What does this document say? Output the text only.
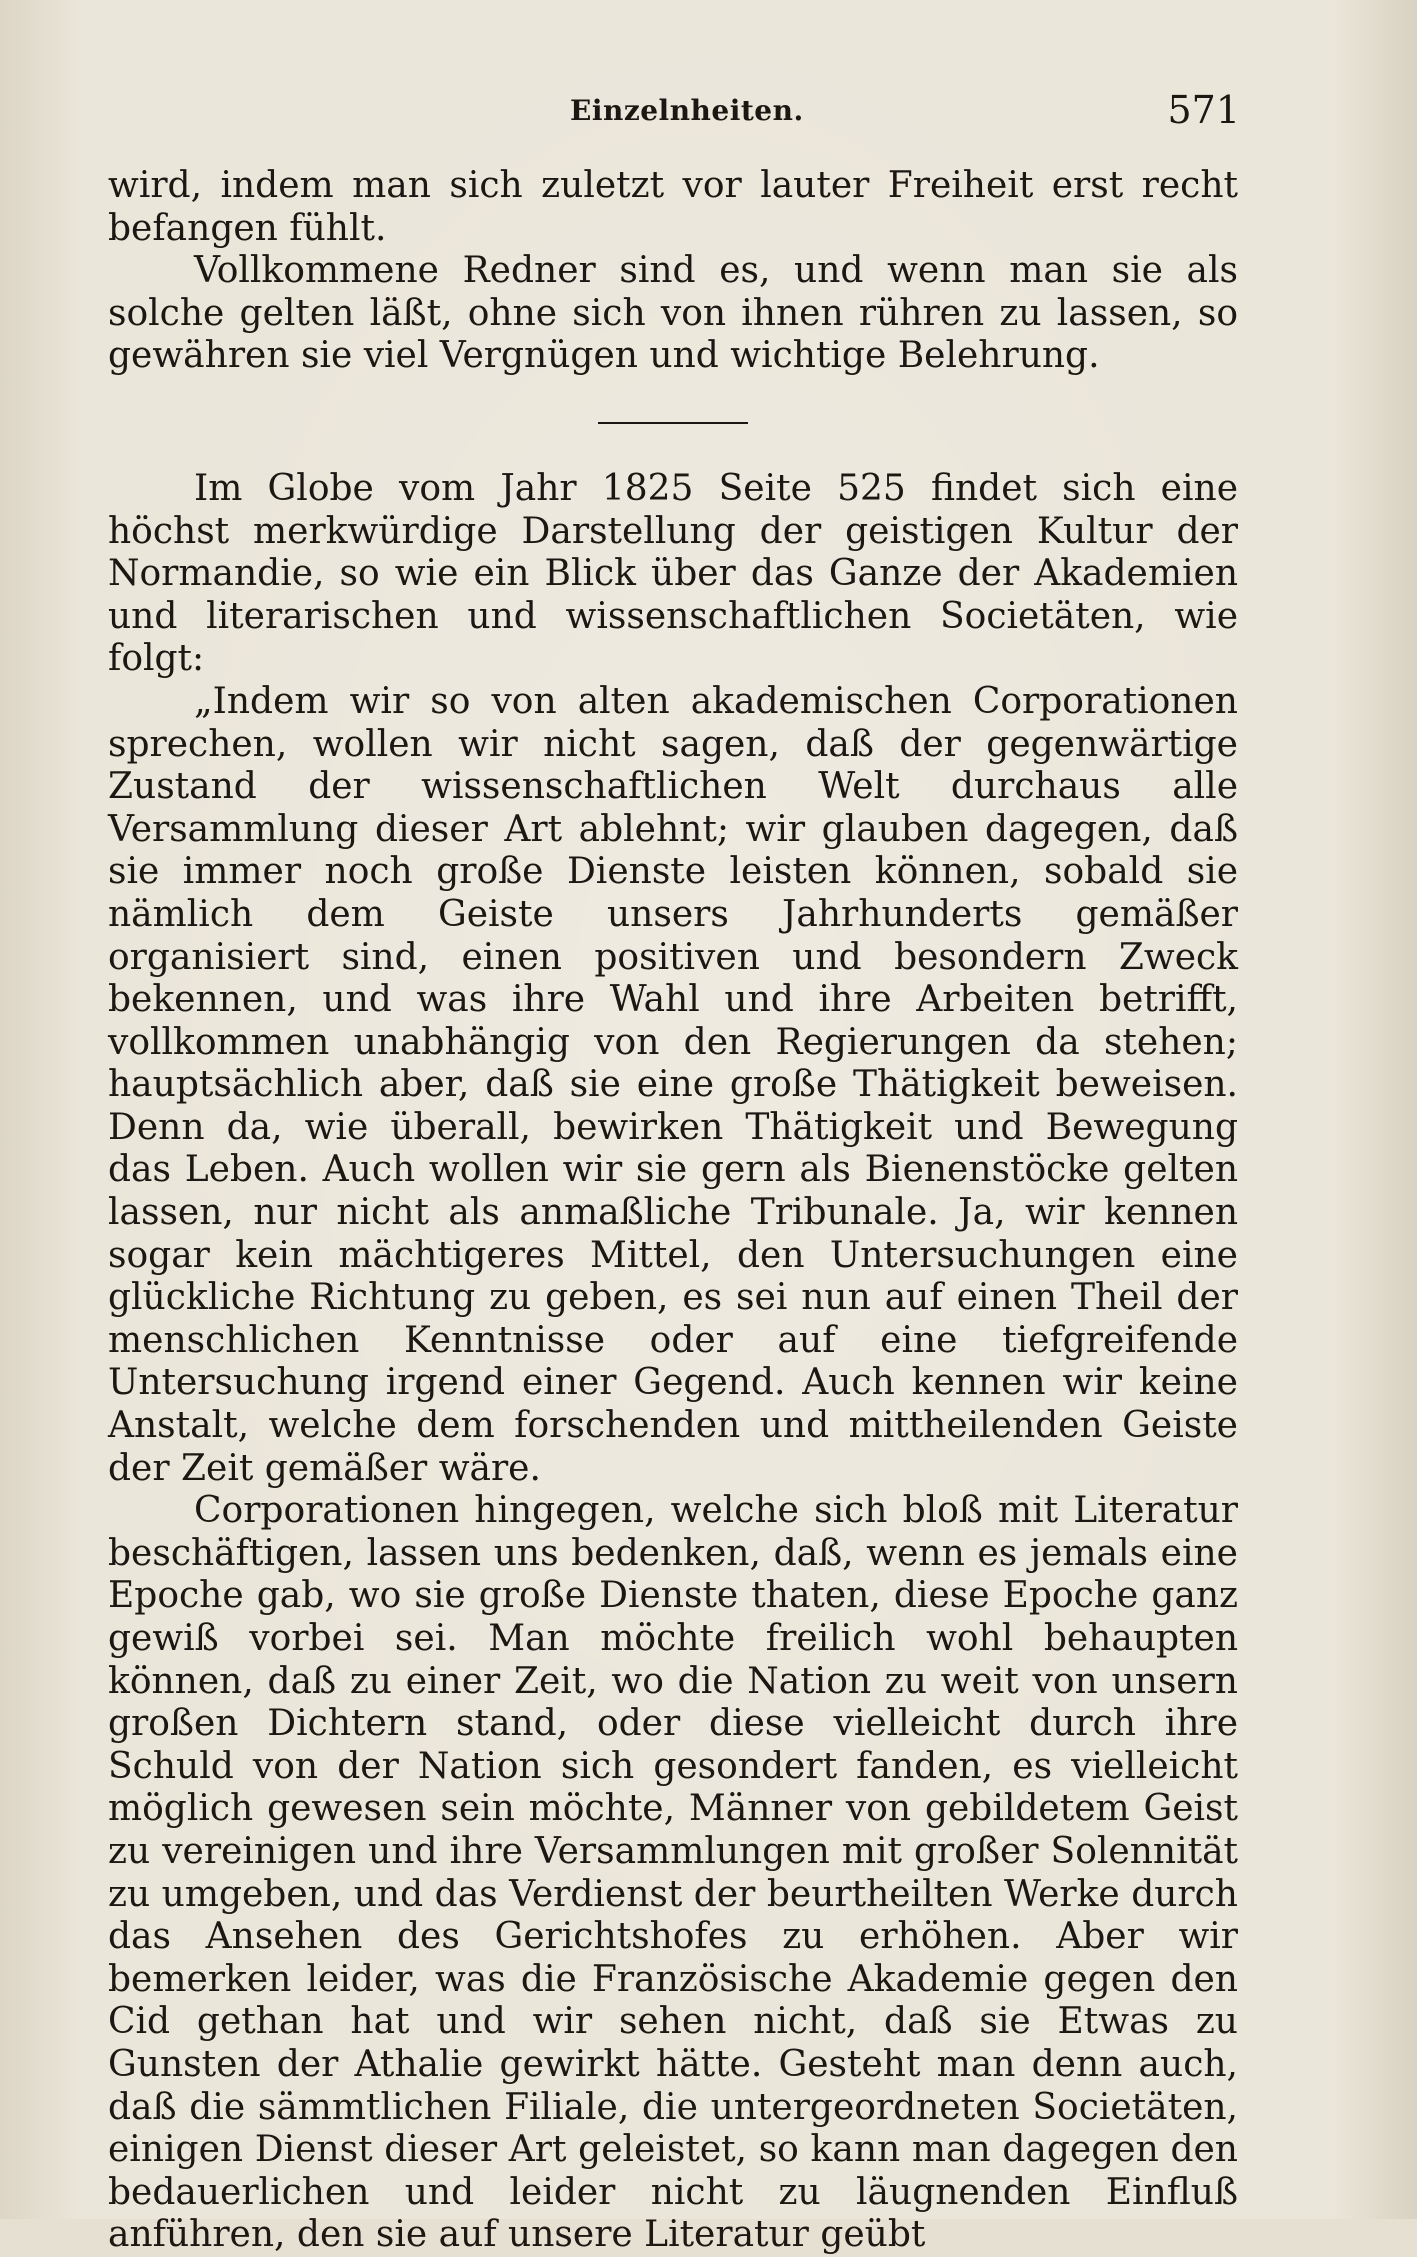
Einzelnheiten.	571

wird, indem man sich zuletzt vor lauter Freiheit erst recht befangen fühlt.

Vollkommene Redner sind es, und wenn man sie als solche gelten läßt, ohne sich von ihnen rühren zu lassen, so gewähren sie viel Vergnügen und wichtige Belehrung.

Im Globe vom Jahr 1825 Seite 525 findet sich eine höchst merkwürdige Darstellung der geistigen Kultur der Normandie, so wie ein Blick über das Ganze der Akademien und literarischen und wissenschaftlichen Societäten, wie folgt:

„Indem wir so von alten akademischen Corporationen sprechen, wollen wir nicht sagen, daß der gegenwärtige Zustand der wissenschaftlichen Welt durchaus alle Versammlung dieser Art ablehnt; wir glauben dagegen, daß sie immer noch große Dienste leisten können, sobald sie nämlich dem Geiste unsers Jahrhunderts gemäßer organisiert sind, einen positiven und besondern Zweck bekennen, und was ihre Wahl und ihre Arbeiten betrifft, vollkommen unabhängig von den Regierungen da stehen; hauptsächlich aber, daß sie eine große Thätigkeit beweisen. Denn da, wie überall, bewirken Thätigkeit und Bewegung das Leben. Auch wollen wir sie gern als Bienenstöcke gelten lassen, nur nicht als anmaßliche Tribunale. Ja, wir kennen sogar kein mächtigeres Mittel, den Untersuchungen eine glückliche Richtung zu geben, es sei nun auf einen Theil der menschlichen Kenntnisse oder auf eine tiefgreifende Untersuchung irgend einer Gegend. Auch kennen wir keine Anstalt, welche dem forschenden und mittheilenden Geiste der Zeit gemäßer wäre.

Corporationen hingegen, welche sich bloß mit Literatur beschäftigen, lassen uns bedenken, daß, wenn es jemals eine Epoche gab, wo sie große Dienste thaten, diese Epoche ganz gewiß vorbei sei. Man möchte freilich wohl behaupten können, daß zu einer Zeit, wo die Nation zu weit von unsern großen Dichtern stand, oder diese vielleicht durch ihre Schuld von der Nation sich gesondert fanden, es vielleicht möglich gewesen sein möchte, Männer von gebildetem Geist zu vereinigen und ihre Versammlungen mit großer Solennität zu umgeben, und das Verdienst der beurtheilten Werke durch das Ansehen des Gerichtshofes zu erhöhen. Aber wir bemerken leider, was die Französische Akademie gegen den Cid gethan hat und wir sehen nicht, daß sie Etwas zu Gunsten der Athalie gewirkt hätte. Gesteht man denn auch, daß die sämmtlichen Filiale, die untergeordneten Societäten, einigen Dienst dieser Art geleistet, so kann man dagegen den bedauerlichen und leider nicht zu läugnenden Einfluß anführen, den sie auf unsere Literatur geübt
